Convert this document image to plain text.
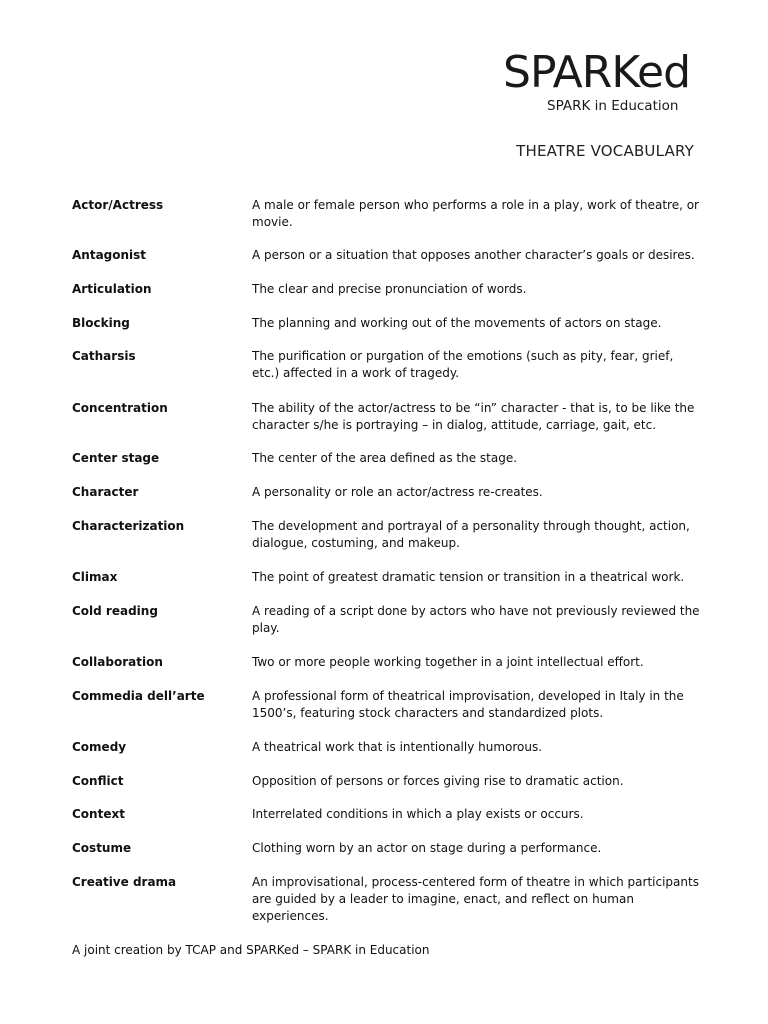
SPARKed
SPARK in Education
THEATRE VOCABULARY
Actor/Actress	A male or female person who performs a role in a play, work of theatre, or movie.
Antagonist	A person or a situation that opposes another character’s goals or desires.
Articulation	The clear and precise pronunciation of words.
Blocking	The planning and working out of the movements of actors on stage.
Catharsis	The purification or purgation of the emotions (such as pity, fear, grief, etc.) affected in a work of tragedy.
Concentration	The ability of the actor/actress to be “in” character - that is, to be like the character s/he is portraying – in dialog, attitude, carriage, gait, etc.
Center stage	The center of the area defined as the stage.
Character	A personality or role an actor/actress re-creates.
Characterization	The development and portrayal of a personality through thought, action, dialogue, costuming, and makeup.
Climax	The point of greatest dramatic tension or transition in a theatrical work.
Cold reading	A reading of a script done by actors who have not previously reviewed the play.
Collaboration	Two or more people working together in a joint intellectual effort.
Commedia dell’arte	A professional form of theatrical improvisation, developed in Italy in the 1500’s, featuring stock characters and standardized plots.
Comedy	A theatrical work that is intentionally humorous.
Conflict	Opposition of persons or forces giving rise to dramatic action.
Context	Interrelated conditions in which a play exists or occurs.
Costume	Clothing worn by an actor on stage during a performance.
Creative drama	An improvisational, process-centered form of theatre in which participants are guided by a leader to imagine, enact, and reflect on human experiences.
A joint creation by TCAP and SPARKed – SPARK in Education
